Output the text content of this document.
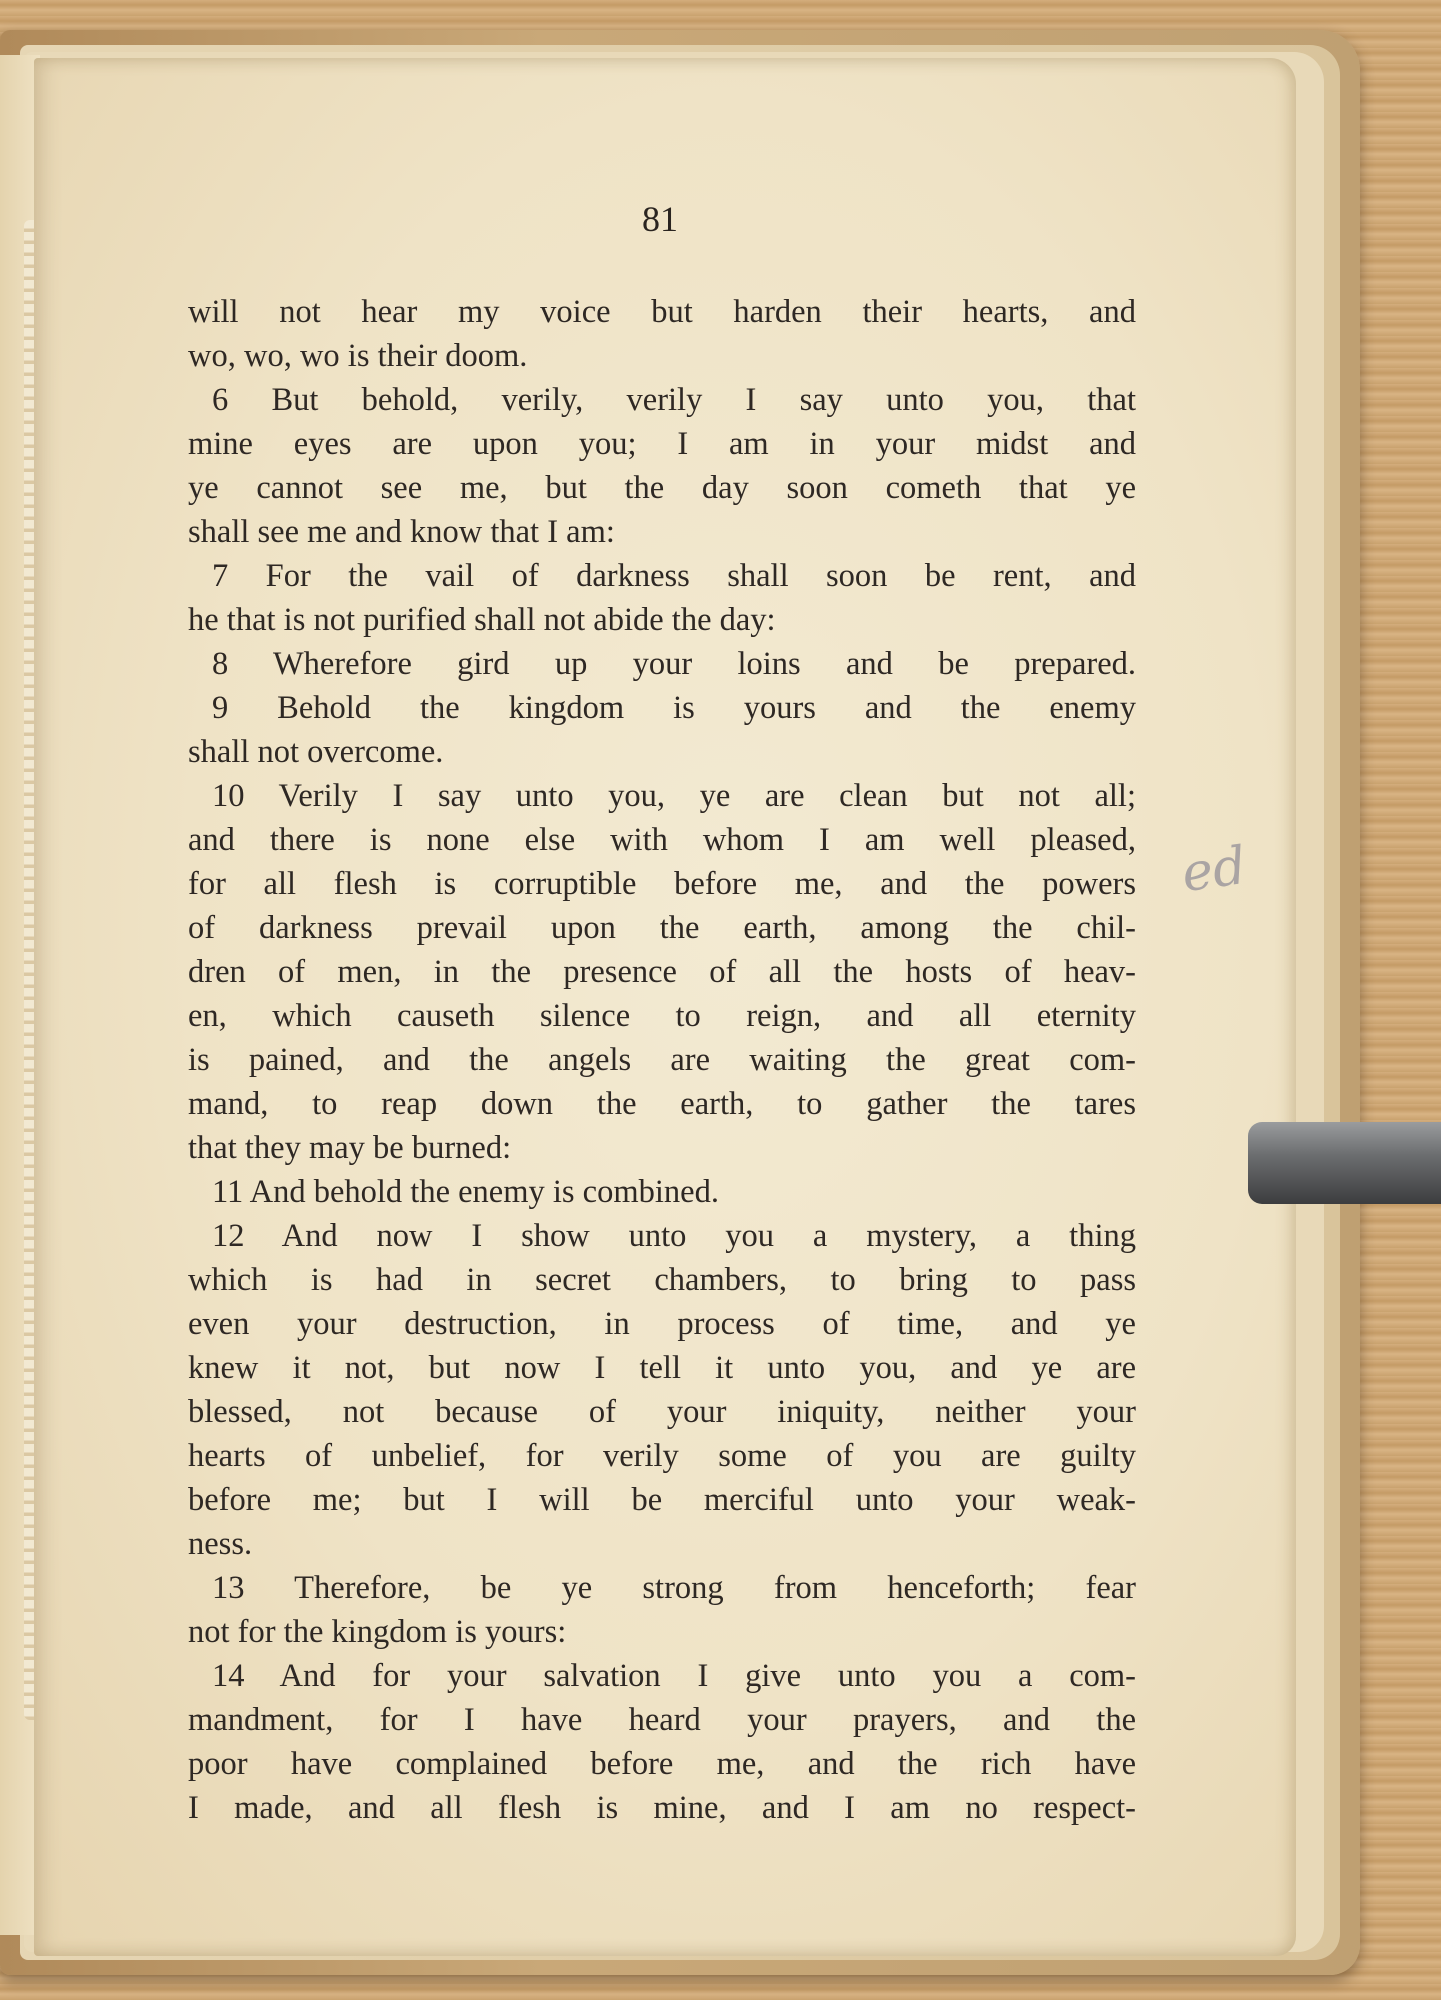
81

will not hear my voice but harden their hearts, and
wo, wo, wo is their doom.
6 But behold, verily, verily I say unto you, that
mine eyes are upon you; I am in your midst and
ye cannot see me, but the day soon cometh that ye
shall see me and know that I am:
7 For the vail of darkness shall soon be rent, and
he that is not purified shall not abide the day:
8 Wherefore gird up your loins and be prepared.
9 Behold the kingdom is yours and the enemy
shall not overcome.
10 Verily I say unto you, ye are clean but not all;
and there is none else with whom I am well pleased,
for all flesh is corruptible before me, and the powers
of darkness prevail upon the earth, among the chil-
dren of men, in the presence of all the hosts of heav-
en, which causeth silence to reign, and all eternity
is pained, and the angels are waiting the great com-
mand, to reap down the earth, to gather the tares
that they may be burned:
11 And behold the enemy is combined.
12 And now I show unto you a mystery, a thing
which is had in secret chambers, to bring to pass
even your destruction, in process of time, and ye
knew it not, but now I tell it unto you, and ye are
blessed, not because of your iniquity, neither your
hearts of unbelief, for verily some of you are guilty
before me; but I will be merciful unto your weak-
ness.
13 Therefore, be ye strong from henceforth; fear
not for the kingdom is yours:
14 And for your salvation I give unto you a com-
mandment, for I have heard your prayers, and the
poor have complained before me, and the rich have
I made, and all flesh is mine, and I am no respect-
ed
